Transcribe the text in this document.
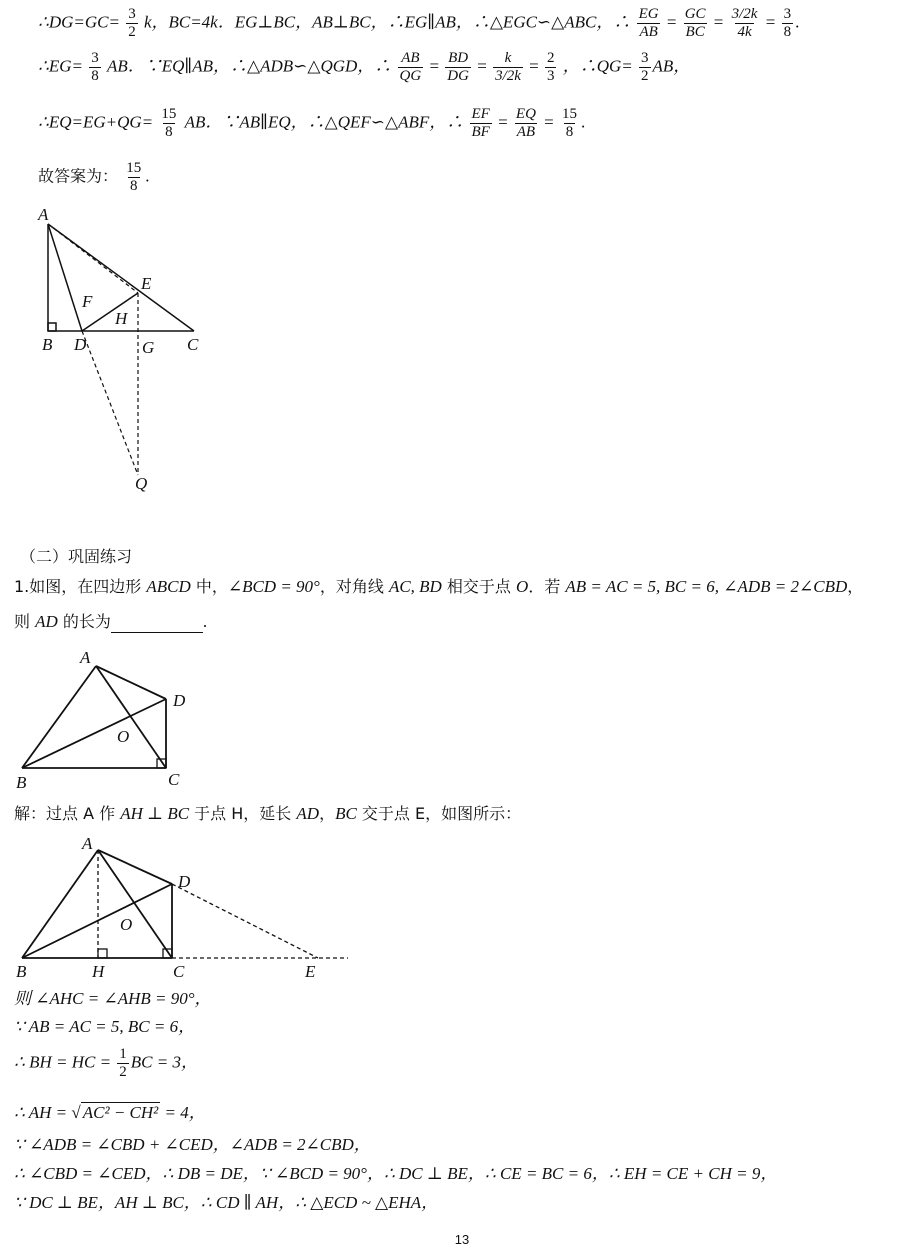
∴DG=GC= $\frac{3}{2}$ k，BC=4k．EG⊥BC，AB⊥BC，∴EG∥AB，∴△EGC∽△ABC，∴ $\frac{EG}{AB} = \frac{GC}{BC} = \frac{3/2k}{4k} = \frac{3}{8}$ .
∴EG= $\frac{3}{8}$ AB．∵EQ∥AB，∴△ADB∽△QGD，∴ $\frac{AB}{QG} = \frac{BD}{DG} = \frac{k}{3/2k} = \frac{2}{3}$ ，∴QG= $\frac{3}{2}$ AB，
∴EQ=EG+QG= $\frac{15}{8}$ AB．∵AB∥EQ，∴△QEF∽△ABF，∴ $\frac{EF}{BF} = \frac{EQ}{AB} = \frac{15}{8}$ .
故答案为： $\frac{15}{8}$ .
A
E
F
H
B D	G C
Q
（二）巩固练习
1.如图，在四边形 ABCD 中，∠BCD = 90°，对角线 AC, BD 相交于点 O．若 AB = AC = 5, BC = 6, ∠ADB = 2∠CBD，
则 AD 的长为	.
A
D
O
B	C
解：过点 A 作 AH ⊥ BC 于点 H，延长 AD，BC 交于点 E，如图所示：
A
D
O
B	H	C	E
则 ∠AHC = ∠AHB = 90°，
∵ AB = AC = 5, BC = 6，
∴ BH = HC = $\frac{1}{2}$ BC = 3，
∴ AH = √ AC² − CH² = 4，
∵ ∠ADB = ∠CBD + ∠CED，∠ADB = 2∠CBD，
∴ ∠CBD = ∠CED，∴ DB = DE，∵ ∠BCD = 90°，∴ DC ⊥ BE，∴ CE = BC = 6，∴ EH = CE + CH = 9，
∵ DC ⊥ BE，AH ⊥ BC，∴ CD ∥ AH，∴ △ECD ~ △EHA，
13
